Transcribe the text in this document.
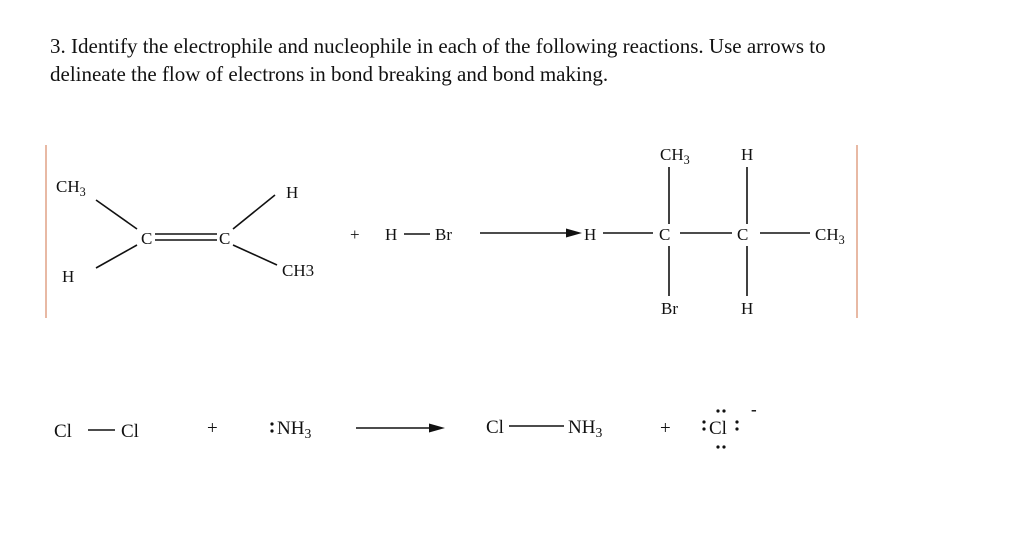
3. Identify the electrophile and nucleophile in each of the following reactions. Use arrows to
delineate the flow of electrons in bond breaking and bond making.

$CH_3$
H
C	C
H
CH3
+ H Br	H	C	C	$CH_3$
$CH_3$
Br
H
H
Cl	Cl	+	$NH_3$	Cl	$NH_3$	+ Cl
-
